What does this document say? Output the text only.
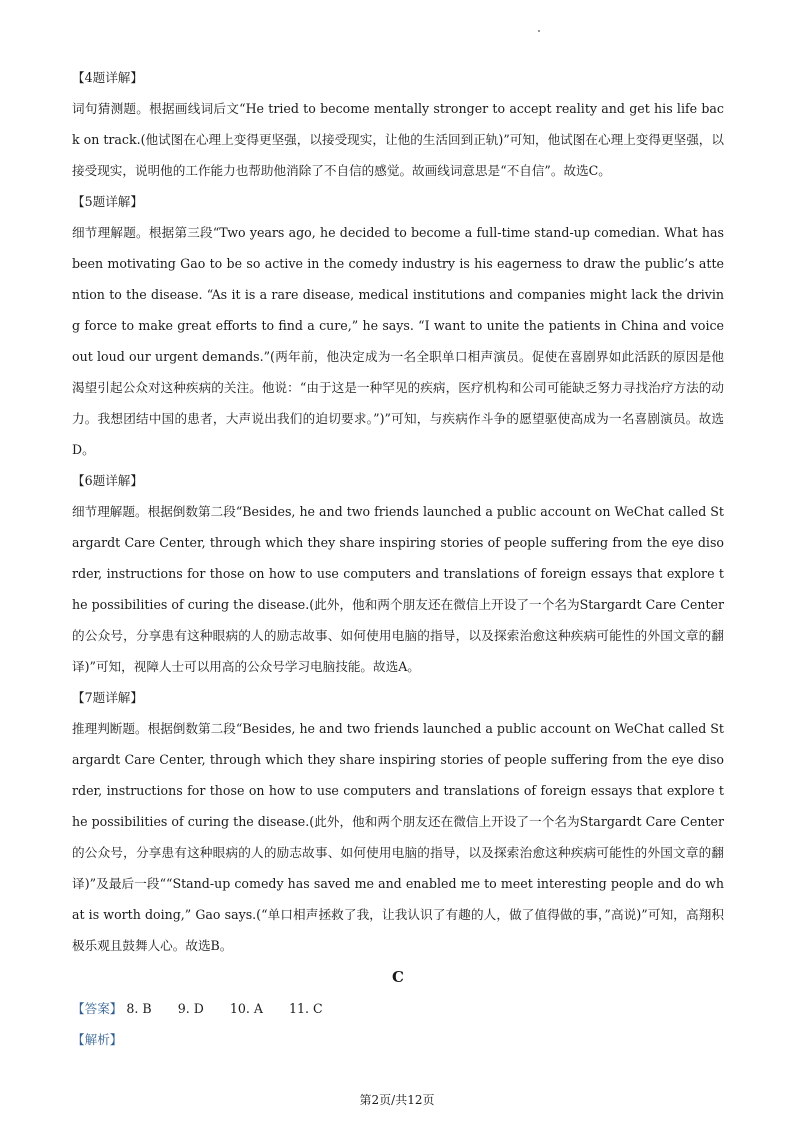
【4题详解】
词句猜测题。根据画线词后文“He tried to become mentally stronger to accept reality and get his life back on track.(他试图在心理上变得更坚强，以接受现实，让他的生活回到正轨)”可知，他试图在心理上变得更坚强，以接受现实，说明他的工作能力也帮助他消除了不自信的感觉。故画线词意思是“不自信”。故选C。
【5题详解】
细节理解题。根据第三段“Two years ago, he decided to become a full-time stand-up comedian. What has been motivating Gao to be so active in the comedy industry is his eagerness to draw the public’s attention to the disease. “As it is a rare disease, medical institutions and companies might lack the driving force to make great efforts to find a cure,” he says. “I want to unite the patients in China and voice out loud our urgent demands.”(两年前，他决定成为一名全职单口相声演员。促使在喜剧界如此活跃的原因是他渴望引起公众对这种疾病的关注。他说：“由于这是一种罕见的疾病，医疗机构和公司可能缺乏努力寻找治疗方法的动力。我想团结中国的患者，大声说出我们的迫切要求。”)”可知，与疾病作斗争的愿望驱使高成为一名喜剧演员。故选D。
【6题详解】
细节理解题。根据倒数第二段“Besides, he and two friends launched a public account on WeChat called Stargardt Care Center, through which they share inspiring stories of people suffering from the eye disorder, instructions for those on how to use computers and translations of foreign essays that explore the possibilities of curing the disease.(此外，他和两个朋友还在微信上开设了一个名为Stargardt Care Center的公众号，分享患有这种眼病的人的励志故事、如何使用电脑的指导，以及探索治愈这种疾病可能性的外国文章的翻译)”可知，视障人士可以用高的公众号学习电脑技能。故选A。
【7题详解】
推理判断题。根据倒数第二段“Besides, he and two friends launched a public account on WeChat called Stargardt Care Center, through which they share inspiring stories of people suffering from the eye disorder, instructions for those on how to use computers and translations of foreign essays that explore the possibilities of curing the disease.(此外，他和两个朋友还在微信上开设了一个名为Stargardt Care Center的公众号，分享患有这种眼病的人的励志故事、如何使用电脑的指导，以及探索治愈这种疾病可能性的外国文章的翻译)”及最后一段““Stand-up comedy has saved me and enabled me to meet interesting people and do what is worth doing,” Gao says.(“单口相声拯救了我，让我认识了有趣的人，做了值得做的事，”高说)”可知，高翔积极乐观且鼓舞人心。故选B。
C
【答案】 8. B 9. D 10. A 11. C
【解析】
第2页/共12页
